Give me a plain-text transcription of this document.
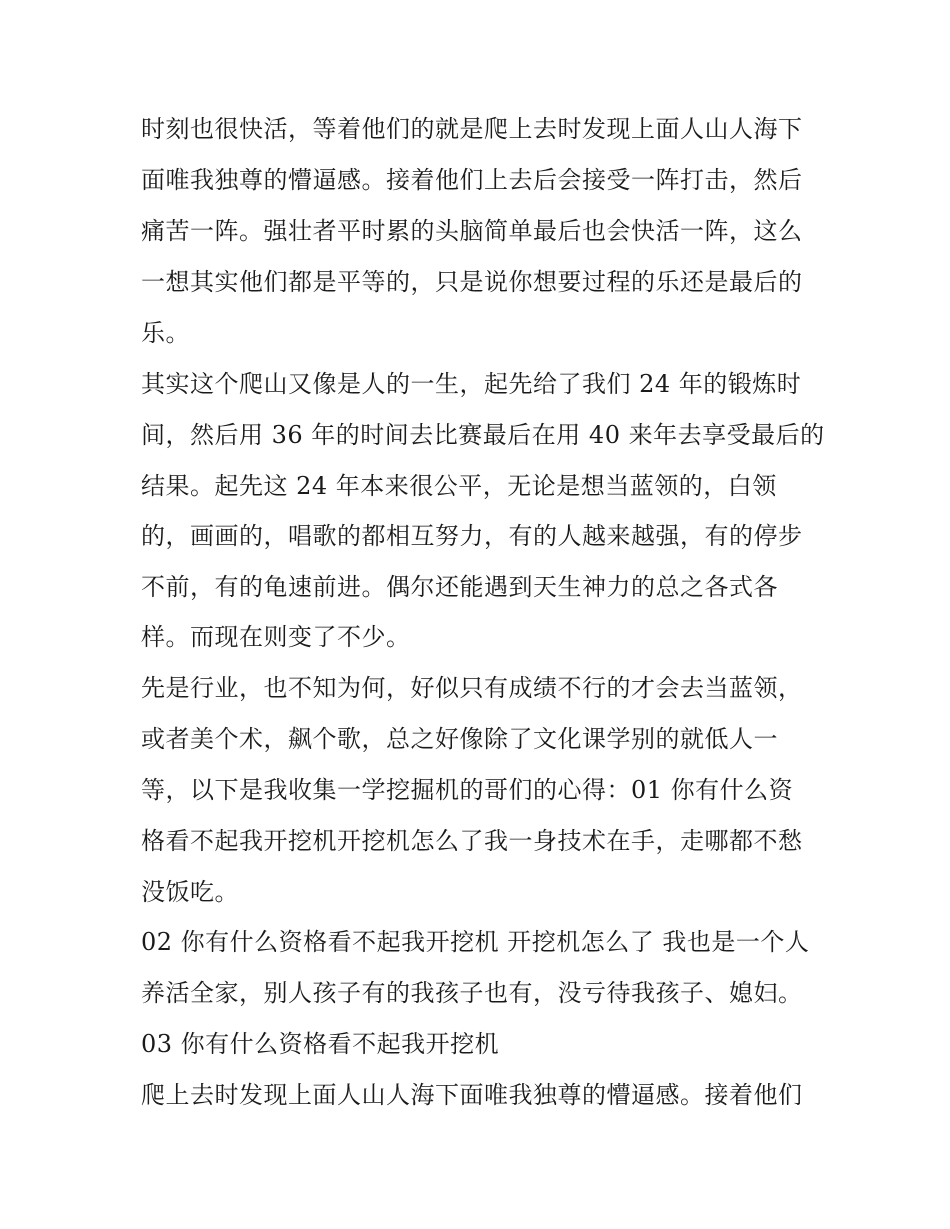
时刻也很快活，等着他们的就是爬上去时发现上面人山人海下
面唯我独尊的懵逼感。接着他们上去后会接受一阵打击，然后
痛苦一阵。强壮者平时累的头脑简单最后也会快活一阵，这么
一想其实他们都是平等的，只是说你想要过程的乐还是最后的
乐。
其实这个爬山又像是人的一生，起先给了我们 24 年的锻炼时
间，然后用 36 年的时间去比赛最后在用 40 来年去享受最后的
结果。起先这 24 年本来很公平，无论是想当蓝领的，白领
的，画画的，唱歌的都相互努力，有的人越来越强，有的停步
不前，有的龟速前进。偶尔还能遇到天生神力的总之各式各
样。而现在则变了不少。
先是行业，也不知为何，好似只有成绩不行的才会去当蓝领，
或者美个术，飙个歌，总之好像除了文化课学别的就低人一
等，以下是我收集一学挖掘机的哥们的心得：01 你有什么资
格看不起我开挖机开挖机怎么了我一身技术在手，走哪都不愁
没饭吃。
02 你有什么资格看不起我开挖机 开挖机怎么了 我也是一个人
养活全家，别人孩子有的我孩子也有，没亏待我孩子、媳妇。
03 你有什么资格看不起我开挖机
爬上去时发现上面人山人海下面唯我独尊的懵逼感。接着他们
